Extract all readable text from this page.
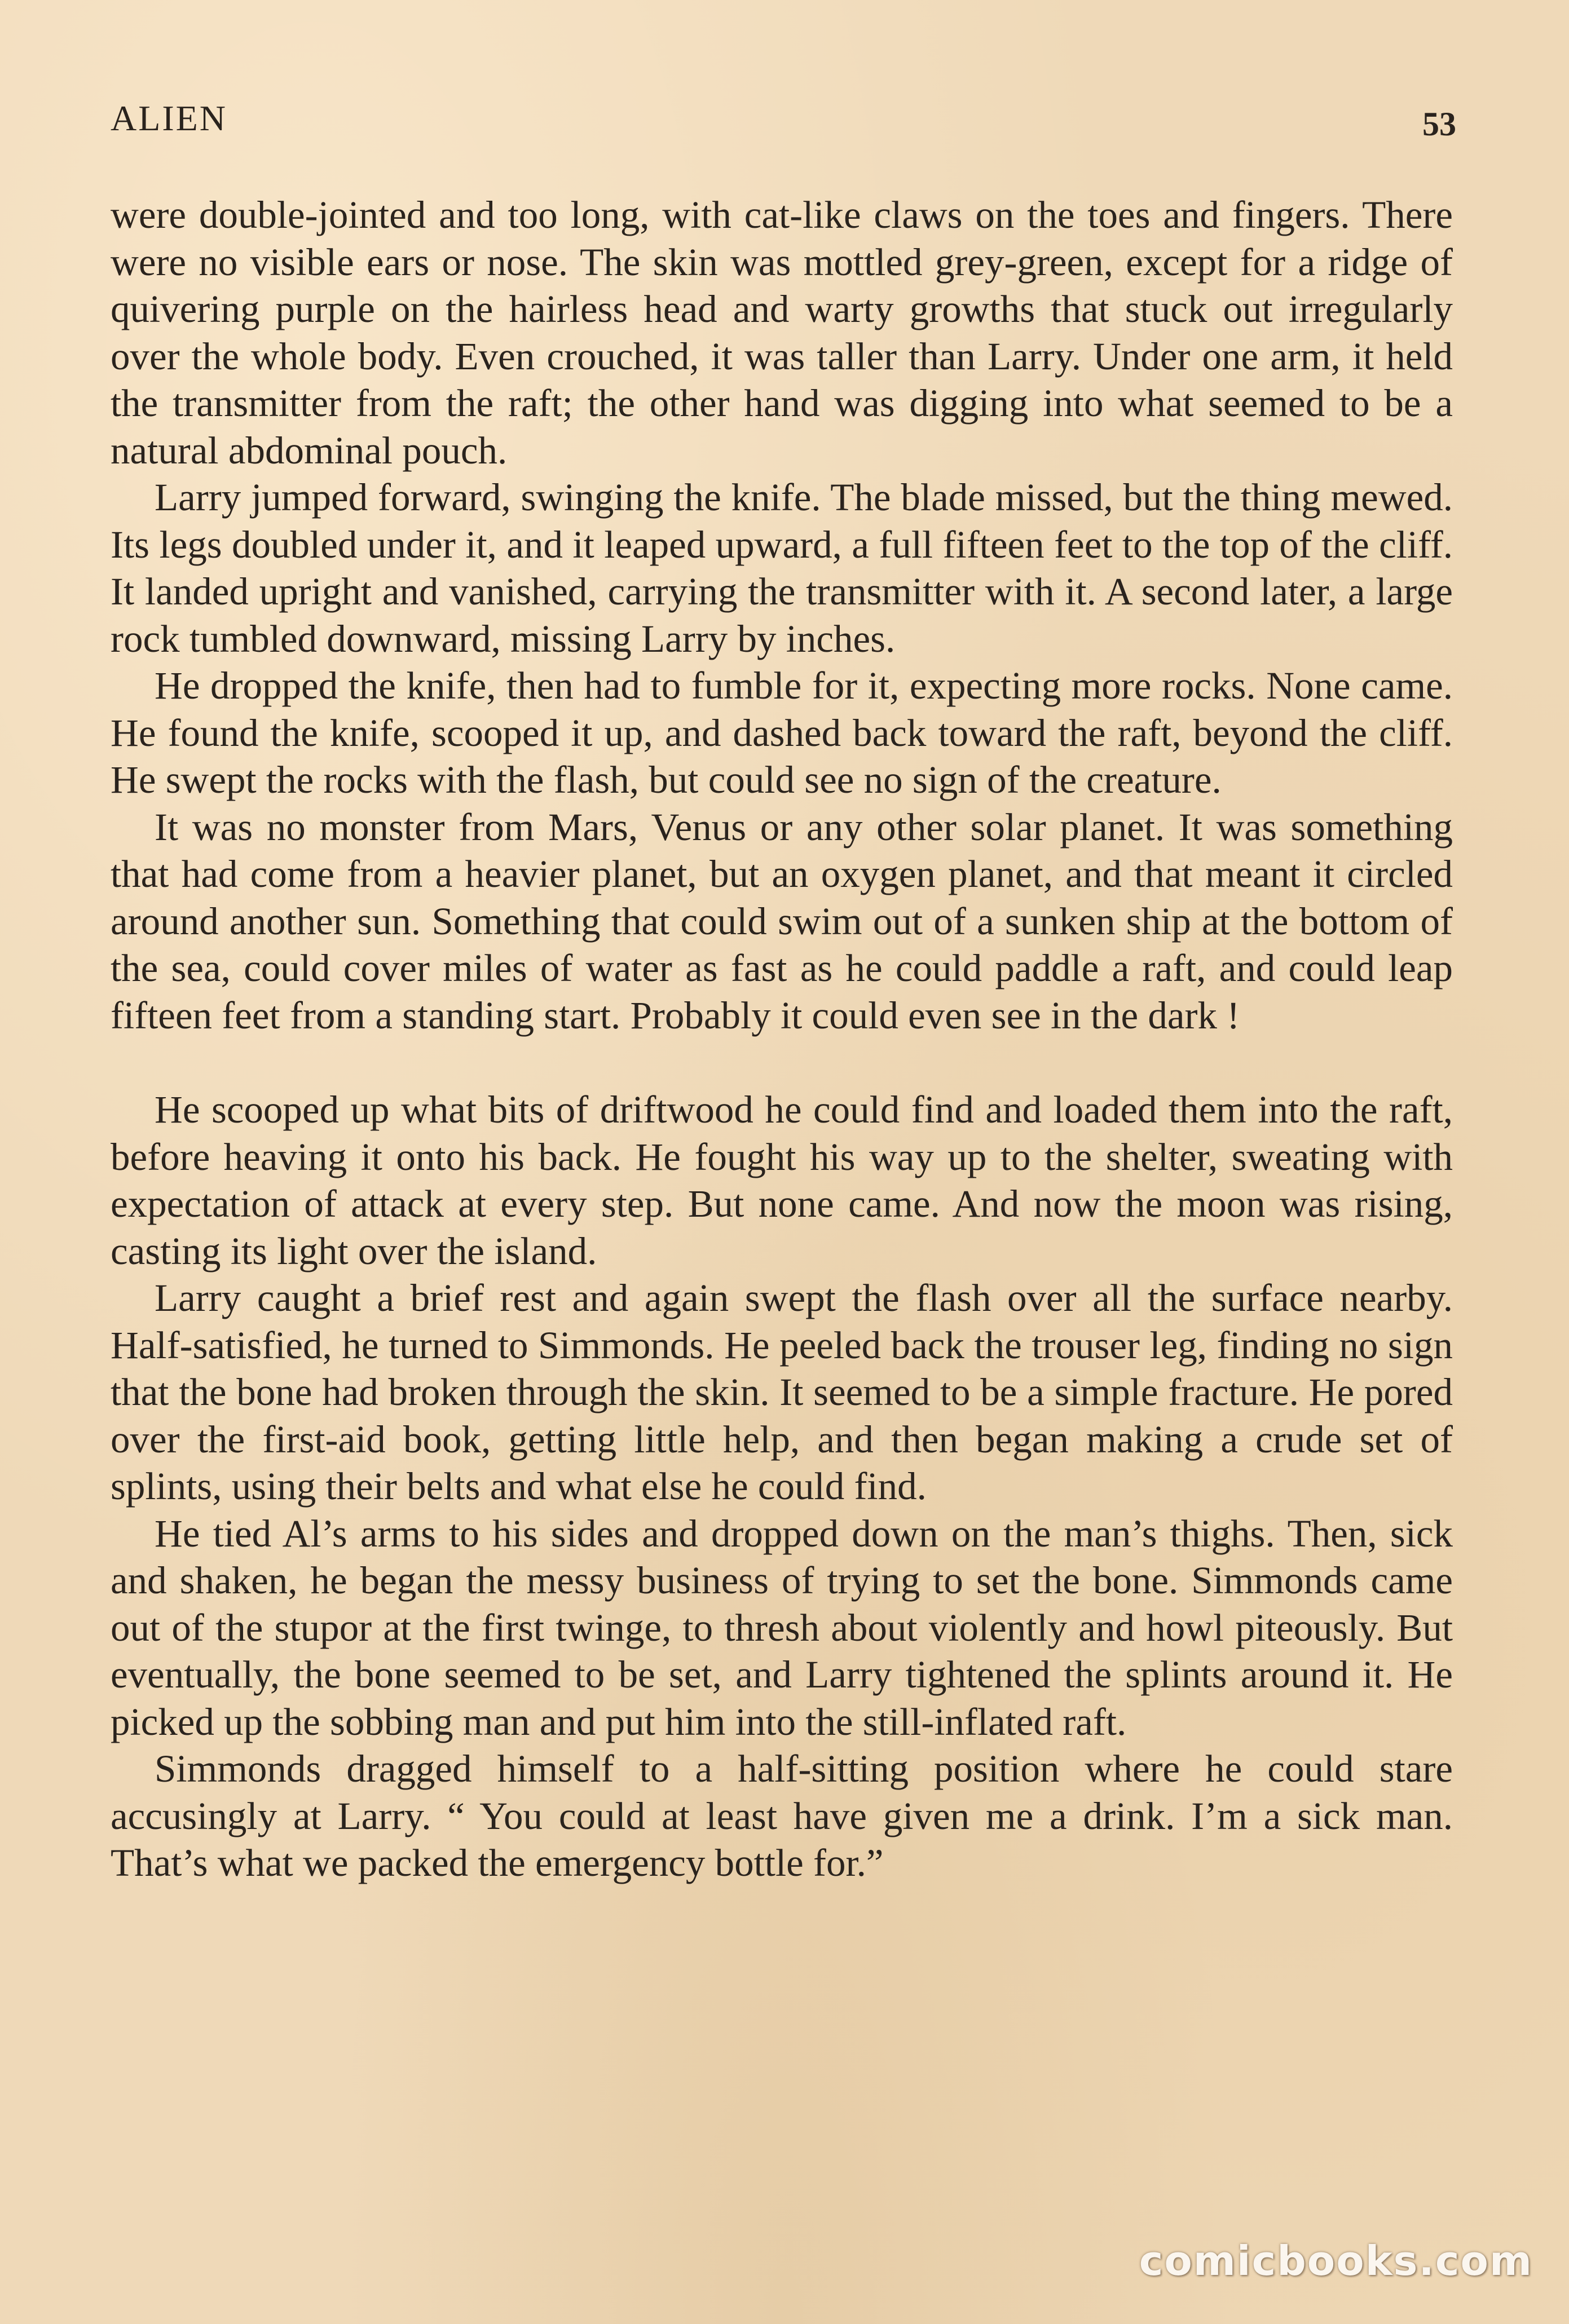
ALIEN	53

were double-jointed and too long, with cat-like claws on the toes and fingers. There were no visible ears or nose. The skin was mottled grey-green, except for a ridge of quivering purple on the hairless head and warty growths that stuck out irregularly over the whole body. Even crouched, it was taller than Larry. Under one arm, it held the transmitter from the raft; the other hand was digging into what seemed to be a natural abdominal pouch.

Larry jumped forward, swinging the knife. The blade missed, but the thing mewed. Its legs doubled under it, and it leaped upward, a full fifteen feet to the top of the cliff. It landed upright and vanished, carrying the transmitter with it. A second later, a large rock tumbled downward, missing Larry by inches.

He dropped the knife, then had to fumble for it, expecting more rocks. None came. He found the knife, scooped it up, and dashed back toward the raft, beyond the cliff. He swept the rocks with the flash, but could see no sign of the creature.

It was no monster from Mars, Venus or any other solar planet. It was something that had come from a heavier planet, but an oxygen planet, and that meant it circled around another sun. Something that could swim out of a sunken ship at the bottom of the sea, could cover miles of water as fast as he could paddle a raft, and could leap fifteen feet from a standing start. Probably it could even see in the dark !

He scooped up what bits of driftwood he could find and loaded them into the raft, before heaving it onto his back. He fought his way up to the shelter, sweating with expectation of attack at every step. But none came. And now the moon was rising, casting its light over the island.

Larry caught a brief rest and again swept the flash over all the surface nearby. Half-satisfied, he turned to Simmonds. He peeled back the trouser leg, finding no sign that the bone had broken through the skin. It seemed to be a simple fracture. He pored over the first-aid book, getting little help, and then began making a crude set of splints, using their belts and what else he could find.

He tied Al’s arms to his sides and dropped down on the man’s thighs. Then, sick and shaken, he began the messy business of trying to set the bone. Simmonds came out of the stupor at the first twinge, to thresh about violently and howl piteously. But eventually, the bone seemed to be set, and Larry tightened the splints around it. He picked up the sobbing man and put him into the still-inflated raft.

Simmonds dragged himself to a half-sitting position where he could stare accusingly at Larry. “ You could at least have given me a drink. I’m a sick man. That’s what we packed the emergency bottle for.”

comicbooks.com
